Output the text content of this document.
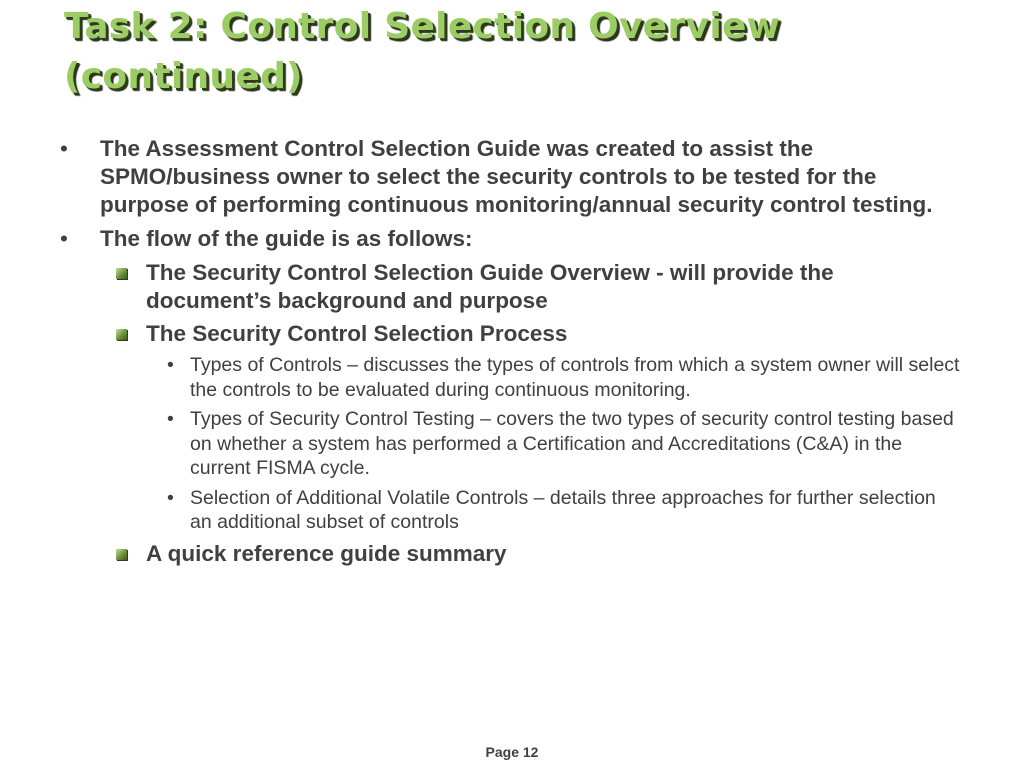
Task 2: Control Selection Overview (continued)
• The Assessment Control Selection Guide was created to assist the SPMO/business owner to select the security controls to be tested for the purpose of performing continuous monitoring/annual security control testing.
• The flow of the guide is as follows:
The Security Control Selection Guide Overview - will provide the document’s background and purpose
The Security Control Selection Process
• Types of Controls – discusses the types of controls from which a system owner will select the controls to be evaluated during continuous monitoring.
• Types of Security Control Testing – covers the two types of security control testing based on whether a system has performed a Certification and Accreditations (C&A) in the current FISMA cycle.
• Selection of Additional Volatile Controls – details three approaches for further selection an additional subset of controls
A quick reference guide summary
Page 12
